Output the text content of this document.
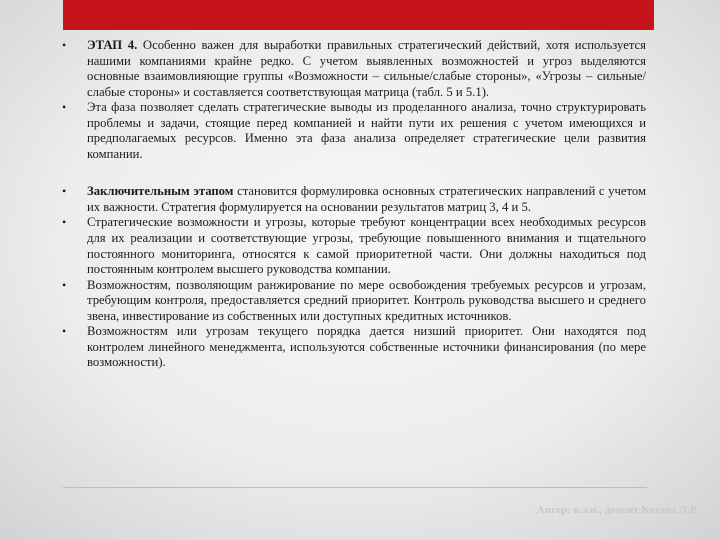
•	ЭТАП 4. Особенно важен для выработки правильных стратегический действий, хотя используется нашими компаниями крайне редко. С учетом выявленных возможностей и угроз выделяются основные взаимовлияющие группы «Возможности – сильные/слабые стороны», «Угрозы – сильные/слабые стороны» и составляется соответствующая матрица (табл. 5 и 5.1).
•	Эта фаза позволяет сделать стратегические выводы из проделанного анализа, точно структурировать проблемы и задачи, стоящие перед компанией и найти пути их решения с учетом имеющихся и предполагаемых ресурсов. Именно эта фаза анализа определяет стратегические цели развития компании.
•	Заключительным этапом становится формулировка основных стратегических направлений с учетом их важности. Стратегия формулируется на основании результатов матриц 3, 4 и 5.
•	Стратегические возможности и угрозы, которые требуют концентрации всех необходимых ресурсов для их реализации и соответствующие угрозы, требующие повышенного внимания и тщательного постоянного мониторинга, относятся к самой приоритетной части. Они должны находиться под постоянным контролем высшего руководства компании.
•	Возможностям, позволяющим ранжирование по мере освобождения требуемых ресурсов и угрозам, требующим контроля, предоставляется средний приоритет. Контроль руководства высшего и среднего звена, инвестирование из собственных или доступных кредитных источников.
•	Возможностям или угрозам текущего порядка дается низший приоритет. Они находятся под контролем линейного менеджмента, используются собственные источники финансирования (по мере возможности).
Автор: к.э.н., доцент Котова Л.Р.
